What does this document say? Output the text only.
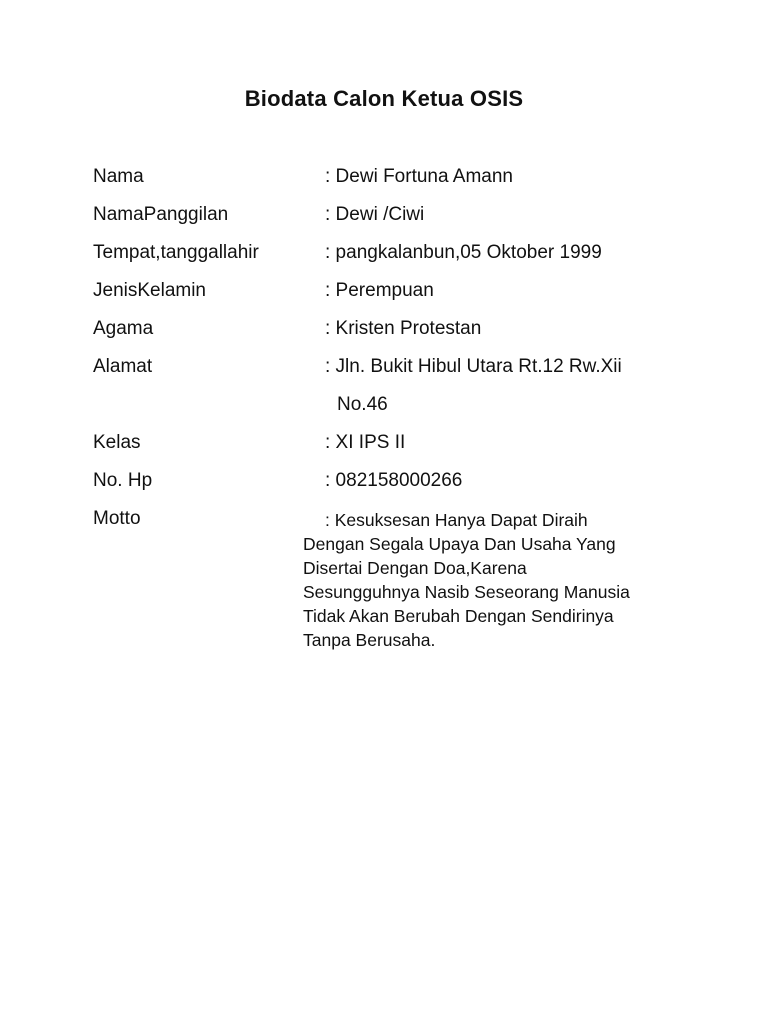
Biodata Calon Ketua OSIS
Nama	: Dewi Fortuna Amann
NamaPanggilan	: Dewi /Ciwi
Tempat,tanggallahir	: pangkalanbun,05 Oktober 1999
JenisKelamin	: Perempuan
Agama	: Kristen Protestan
Alamat	: Jln. Bukit Hibul Utara Rt.12 Rw.Xii
No.46
Kelas	: XI IPS II
No. Hp	: 082158000266
Motto	: Kesuksesan Hanya Dapat Diraih
Dengan Segala Upaya Dan Usaha Yang
Disertai Dengan Doa,Karena
Sesungguhnya Nasib Seseorang Manusia
Tidak Akan Berubah Dengan Sendirinya
Tanpa Berusaha.
